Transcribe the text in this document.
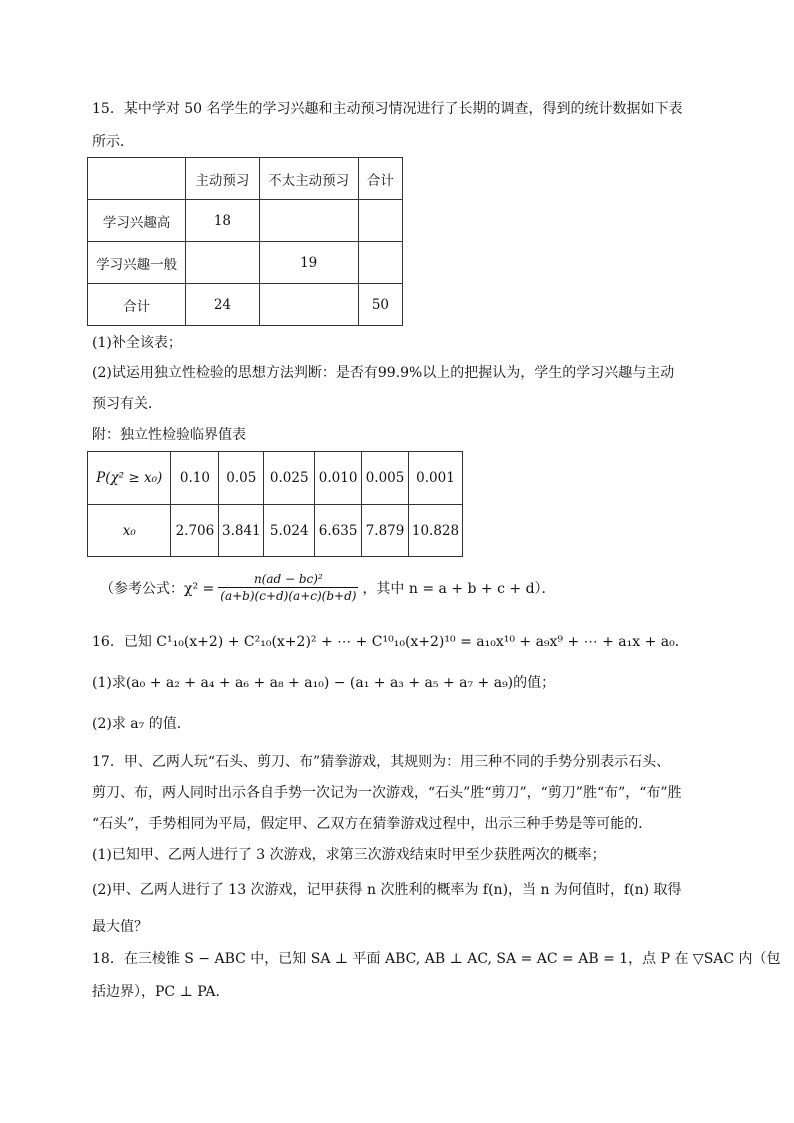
15．某中学对 50 名学生的学习兴趣和主动预习情况进行了长期的调查，得到的统计数据如下表
所示．
	主动预习	不太主动预习	合计
学习兴趣高	18		
学习兴趣一般		19	
合计	24		50
(1)补全该表；
(2)试运用独立性检验的思想方法判断：是否有99.9%以上的把握认为，学生的学习兴趣与主动
预习有关．
附：独立性检验临界值表
P(χ² ≥ x₀)	0.10	0.05	0.025	0.010	0.005	0.001
x₀	2.706	3.841	5.024	6.635	7.879	10.828
（参考公式：$\chi^2 = \frac{\text{n(ad − bc)²}}{(a+b)(c+d)(a+c)(b+d)}$ ，其中 n = a + b + c + d）．
16．已知 C¹₁₀(x+2) + C²₁₀(x+2)² + ⋯ + C¹⁰₁₀(x+2)¹⁰ = a₁₀x¹⁰ + a₉x⁹ + ⋯ + a₁x + a₀．
(1)求(a₀ + a₂ + a₄ + a₆ + a₈ + a₁₀) − (a₁ + a₃ + a₅ + a₇ + a₉)的值；
(2)求 a₇ 的值．
17．甲、乙两人玩“石头、剪刀、布”猜拳游戏，其规则为：用三种不同的手势分别表示石头、
剪刀、布，两人同时出示各自手势一次记为一次游戏，“石头”胜“剪刀”，“剪刀”胜“布”，“布”胜
“石头”，手势相同为平局，假定甲、乙双方在猜拳游戏过程中，出示三种手势是等可能的．
(1)已知甲、乙两人进行了 3 次游戏，求第三次游戏结束时甲至少获胜两次的概率；
(2)甲、乙两人进行了 13 次游戏，记甲获得 n 次胜利的概率为 f(n)，当 n 为何值时，f(n) 取得
最大值？
18．在三棱锥 S − ABC 中，已知 SA ⊥ 平面 ABC, AB ⊥ AC, SA = AC = AB = 1，点 P 在 ▽SAC 内（包
括边界），PC ⊥ PA．
